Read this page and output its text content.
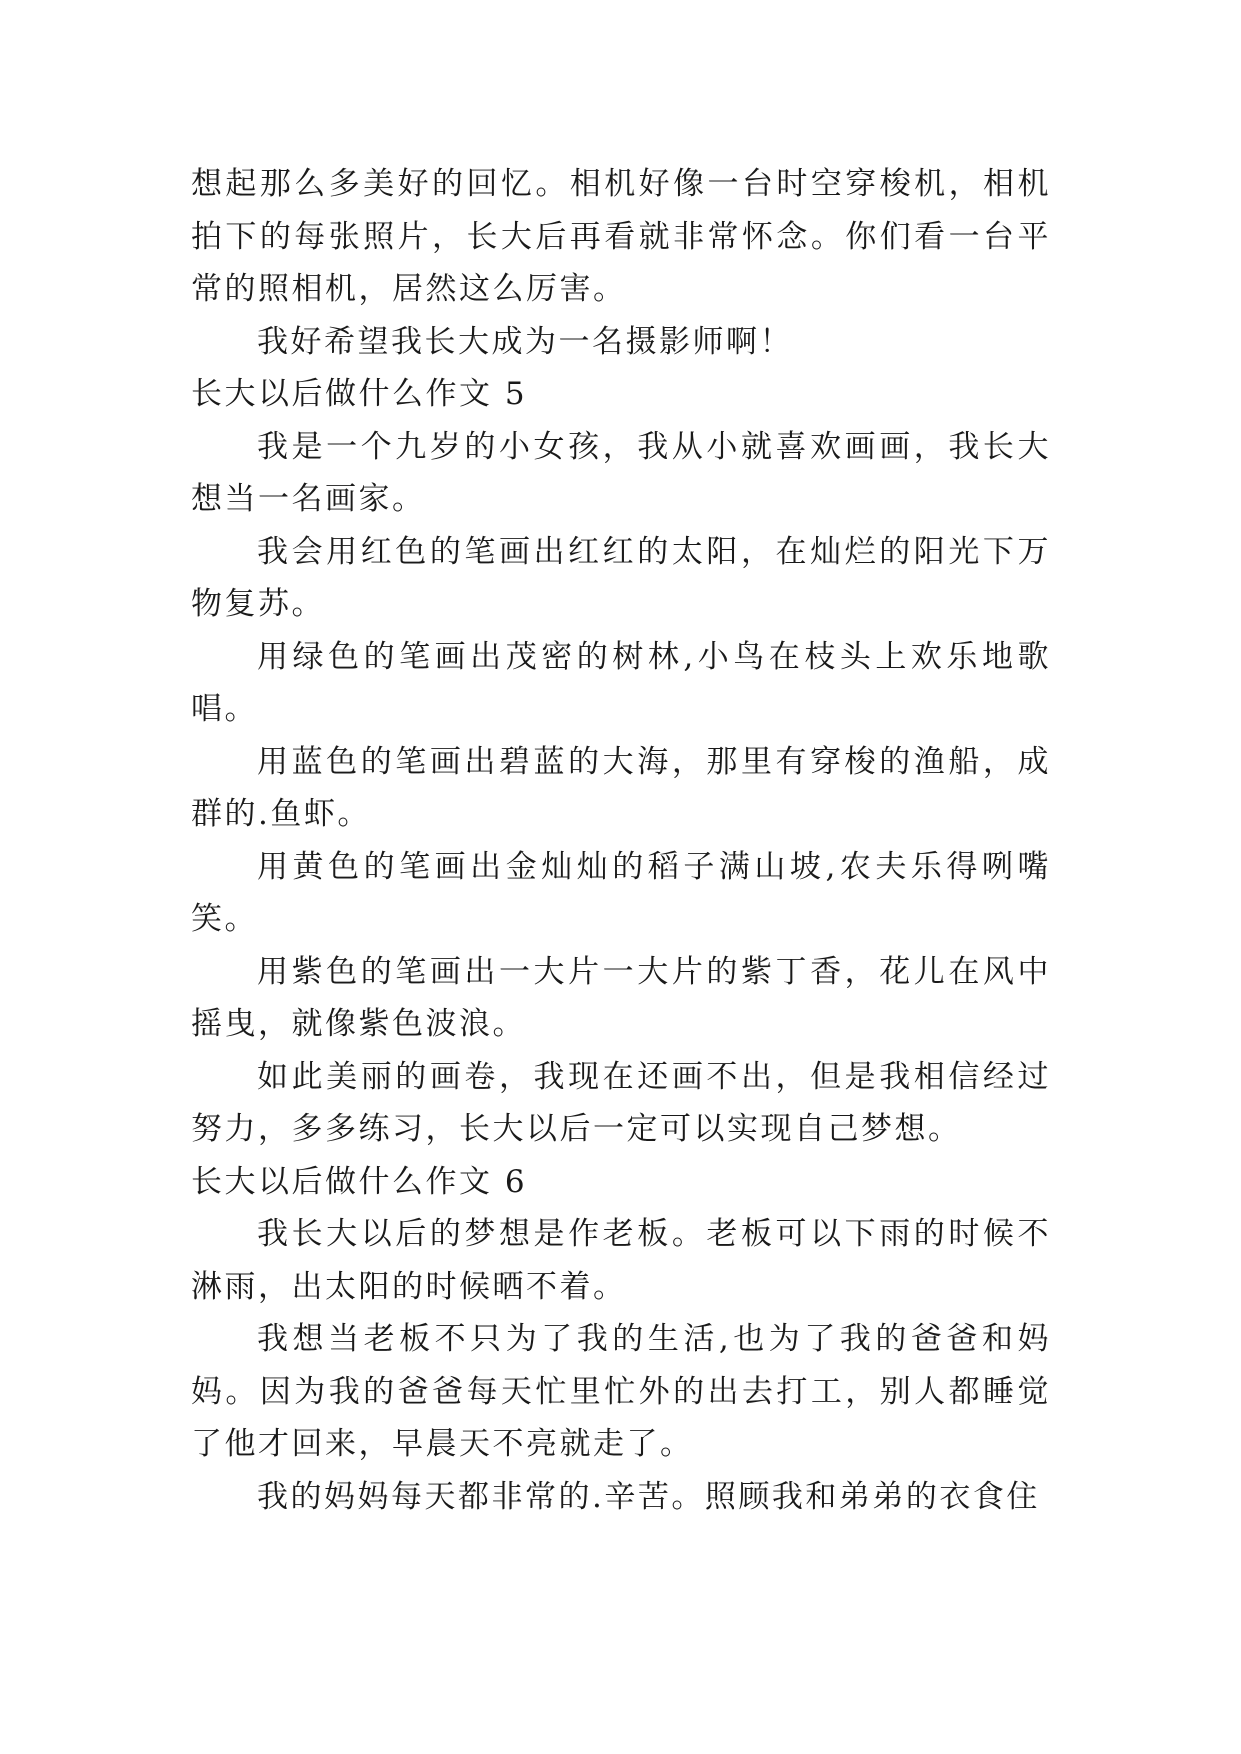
想起那么多美好的回忆。相机好像一台时空穿梭机，相机拍下的每张照片，长大后再看就非常怀念。你们看一台平常的照相机，居然这么厉害。

我好希望我长大成为一名摄影师啊！

长大以后做什么作文 5

我是一个九岁的小女孩，我从小就喜欢画画，我长大想当一名画家。

我会用红色的笔画出红红的太阳，在灿烂的阳光下万物复苏。

用绿色的笔画出茂密的树林,小鸟在枝头上欢乐地歌唱。

用蓝色的笔画出碧蓝的大海，那里有穿梭的渔船，成群的.鱼虾。

用黄色的笔画出金灿灿的稻子满山坡,农夫乐得咧嘴笑。

用紫色的笔画出一大片一大片的紫丁香，花儿在风中摇曳，就像紫色波浪。

如此美丽的画卷，我现在还画不出，但是我相信经过努力，多多练习，长大以后一定可以实现自己梦想。

长大以后做什么作文 6

我长大以后的梦想是作老板。老板可以下雨的时候不淋雨，出太阳的时候晒不着。

我想当老板不只为了我的生活,也为了我的爸爸和妈妈。因为我的爸爸每天忙里忙外的出去打工，别人都睡觉了他才回来，早晨天不亮就走了。

我的妈妈每天都非常的.辛苦。照顾我和弟弟的衣食住
